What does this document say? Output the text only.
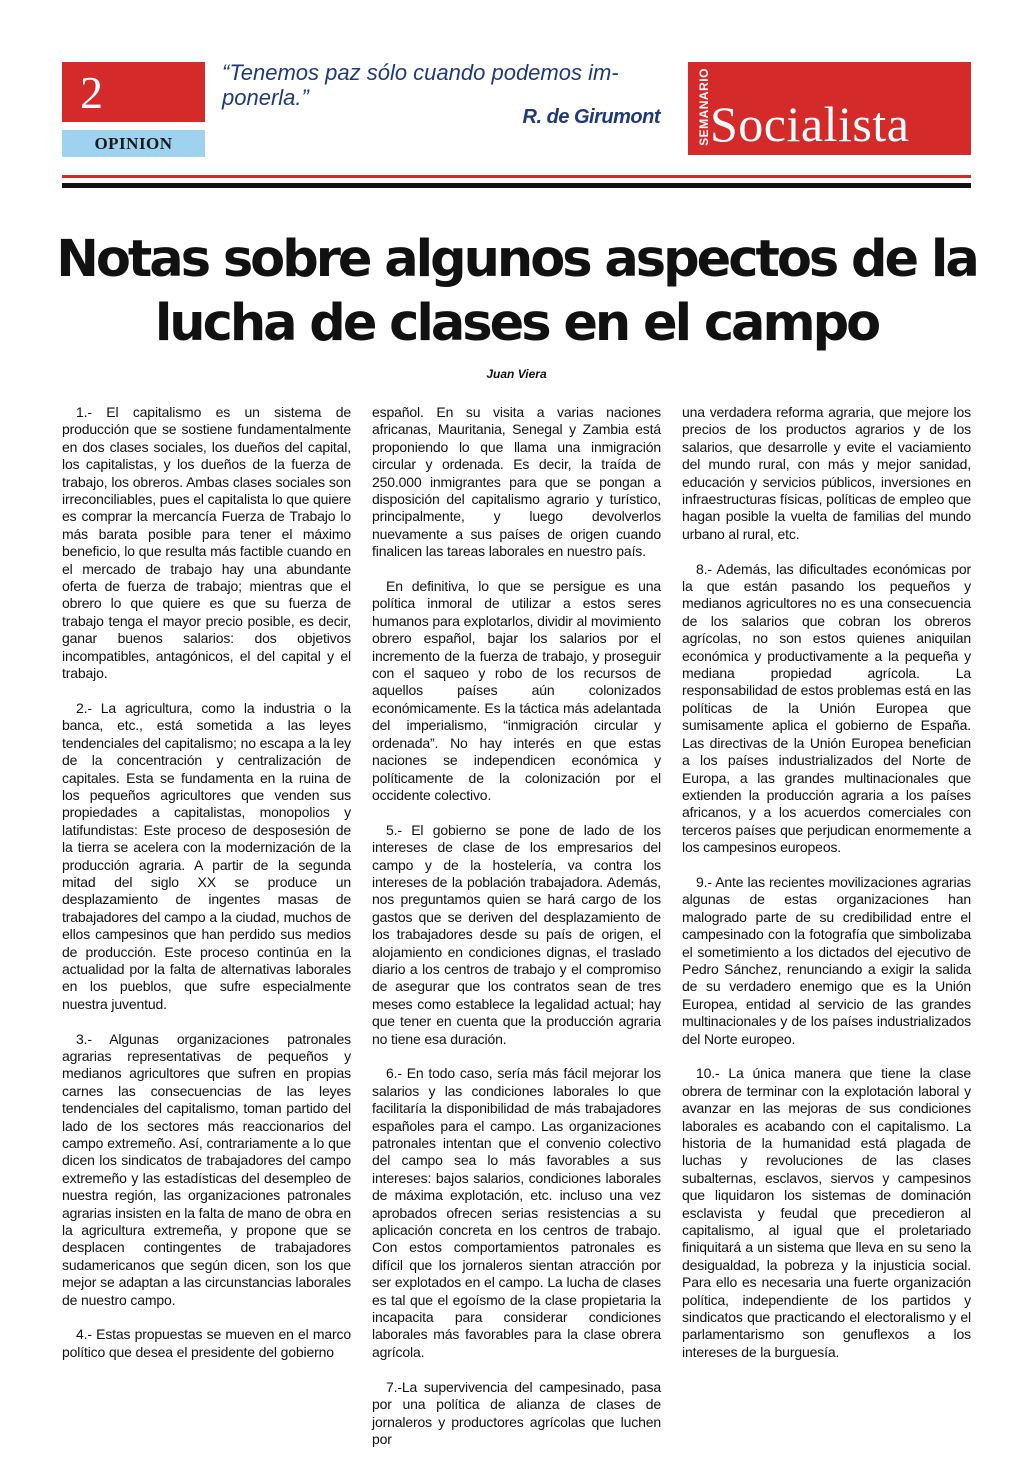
2
OPINION
“Tenemos paz sólo cuando podemos im-
ponerla.”
R. de Girumont	SEMANARIO Socialista
Notas sobre algunos aspectos de la
lucha de clases en el campo
Juan Viera

1.- El capitalismo es un sistema de producción que se sostiene fundamentalmente en dos clases sociales, los dueños del capital, los capitalistas, y los dueños de la fuerza de trabajo, los obreros. Ambas clases sociales son irreconciliables, pues el capitalista lo que quiere es comprar la mercancía Fuerza de Trabajo lo más barata posible para tener el máximo beneficio, lo que resulta más factible cuando en el mercado de trabajo hay una abundante oferta de fuerza de trabajo; mientras que el obrero lo que quiere es que su fuerza de trabajo tenga el mayor precio posible, es decir, ganar buenos salarios: dos objetivos incompatibles, antagónicos, el del capital y el trabajo.

2.- La agricultura, como la industria o la banca, etc., está sometida a las leyes tendenciales del capitalismo; no escapa a la ley de la concentración y centralización de capitales. Esta se fundamenta en la ruina de los pequeños agricultores que venden sus propiedades a capitalistas, monopolios y latifundistas: Este proceso de desposesión de la tierra se acelera con la modernización de la producción agraria. A partir de la segunda mitad del siglo XX se produce un desplazamiento de ingentes masas de trabajadores del campo a la ciudad, muchos de ellos campesinos que han perdido sus medios de producción. Este proceso continúa en la actualidad por la falta de alternativas laborales en los pueblos, que sufre especialmente nuestra juventud.

3.- Algunas organizaciones patronales agrarias representativas de pequeños y medianos agricultores que sufren en propias carnes las consecuencias de las leyes tendenciales del capitalismo, toman partido del lado de los sectores más reaccionarios del campo extremeño. Así, contrariamente a lo que dicen los sindicatos de trabajadores del campo extremeño y las estadísticas del desempleo de nuestra región, las organizaciones patronales agrarias insisten en la falta de mano de obra en la agricultura extremeña, y propone que se desplacen contingentes de trabajadores sudamericanos que según dicen, son los que mejor se adaptan a las circunstancias laborales de nuestro campo.

4.- Estas propuestas se mueven en el marco político que desea el presidente del gobierno

español. En su visita a varias naciones africanas, Mauritania, Senegal y Zambia está proponiendo lo que llama una inmigración circular y ordenada. Es decir, la traída de 250.000 inmigrantes para que se pongan a disposición del capitalismo agrario y turístico, principalmente, y luego devolverlos nuevamente a sus países de origen cuando finalicen las tareas laborales en nuestro país.

En definitiva, lo que se persigue es una política inmoral de utilizar a estos seres humanos para explotarlos, dividir al movimiento obrero español, bajar los salarios por el incremento de la fuerza de trabajo, y proseguir con el saqueo y robo de los recursos de aquellos países aún colonizados económicamente. Es la táctica más adelantada del imperialismo, “inmigración circular y ordenada”. No hay interés en que estas naciones se independicen económica y políticamente de la colonización por el occidente colectivo.

5.- El gobierno se pone de lado de los intereses de clase de los empresarios del campo y de la hostelería, va contra los intereses de la población trabajadora. Además, nos preguntamos quien se hará cargo de los gastos que se deriven del desplazamiento de los trabajadores desde su país de origen, el alojamiento en condiciones dignas, el traslado diario a los centros de trabajo y el compromiso de asegurar que los contratos sean de tres meses como establece la legalidad actual; hay que tener en cuenta que la producción agraria no tiene esa duración.

6.- En todo caso, sería más fácil mejorar los salarios y las condiciones laborales lo que facilitaría la disponibilidad de más trabajadores españoles para el campo. Las organizaciones patronales intentan que el convenio colectivo del campo sea lo más favorables a sus intereses: bajos salarios, condiciones laborales de máxima explotación, etc. incluso una vez aprobados ofrecen serias resistencias a su aplicación concreta en los centros de trabajo. Con estos comportamientos patronales es difícil que los jornaleros sientan atracción por ser explotados en el campo. La lucha de clases es tal que el egoísmo de la clase propietaria la incapacita para considerar condiciones laborales más favorables para la clase obrera agrícola.

7.-La supervivencia del campesinado, pasa por una política de alianza de clases de jornaleros y productores agrícolas que luchen por

una verdadera reforma agraria, que mejore los precios de los productos agrarios y de los salarios, que desarrolle y evite el vaciamiento del mundo rural, con más y mejor sanidad, educación y servicios públicos, inversiones en infraestructuras físicas, políticas de empleo que hagan posible la vuelta de familias del mundo urbano al rural, etc.

8.- Además, las dificultades económicas por la que están pasando los pequeños y medianos agricultores no es una consecuencia de los salarios que cobran los obreros agrícolas, no son estos quienes aniquilan económica y productivamente a la pequeña y mediana propiedad agrícola. La responsabilidad de estos problemas está en las políticas de la Unión Europea que sumisamente aplica el gobierno de España. Las directivas de la Unión Europea benefician a los países industrializados del Norte de Europa, a las grandes multinacionales que extienden la producción agraria a los países africanos, y a los acuerdos comerciales con terceros países que perjudican enormemente a los campesinos europeos.

9.- Ante las recientes movilizaciones agrarias algunas de estas organizaciones han malogrado parte de su credibilidad entre el campesinado con la fotografía que simbolizaba el sometimiento a los dictados del ejecutivo de Pedro Sánchez, renunciando a exigir la salida de su verdadero enemigo que es la Unión Europea, entidad al servicio de las grandes multinacionales y de los países industrializados del Norte europeo.

10.- La única manera que tiene la clase obrera de terminar con la explotación laboral y avanzar en las mejoras de sus condiciones laborales es acabando con el capitalismo. La historia de la humanidad está plagada de luchas y revoluciones de las clases subalternas, esclavos, siervos y campesinos que liquidaron los sistemas de dominación esclavista y feudal que precedieron al capitalismo, al igual que el proletariado finiquitará a un sistema que lleva en su seno la desigualdad, la pobreza y la injusticia social. Para ello es necesaria una fuerte organización política, independiente de los partidos y sindicatos que practicando el electoralismo y el parlamentarismo son genuflexos a los intereses de la burguesía.
